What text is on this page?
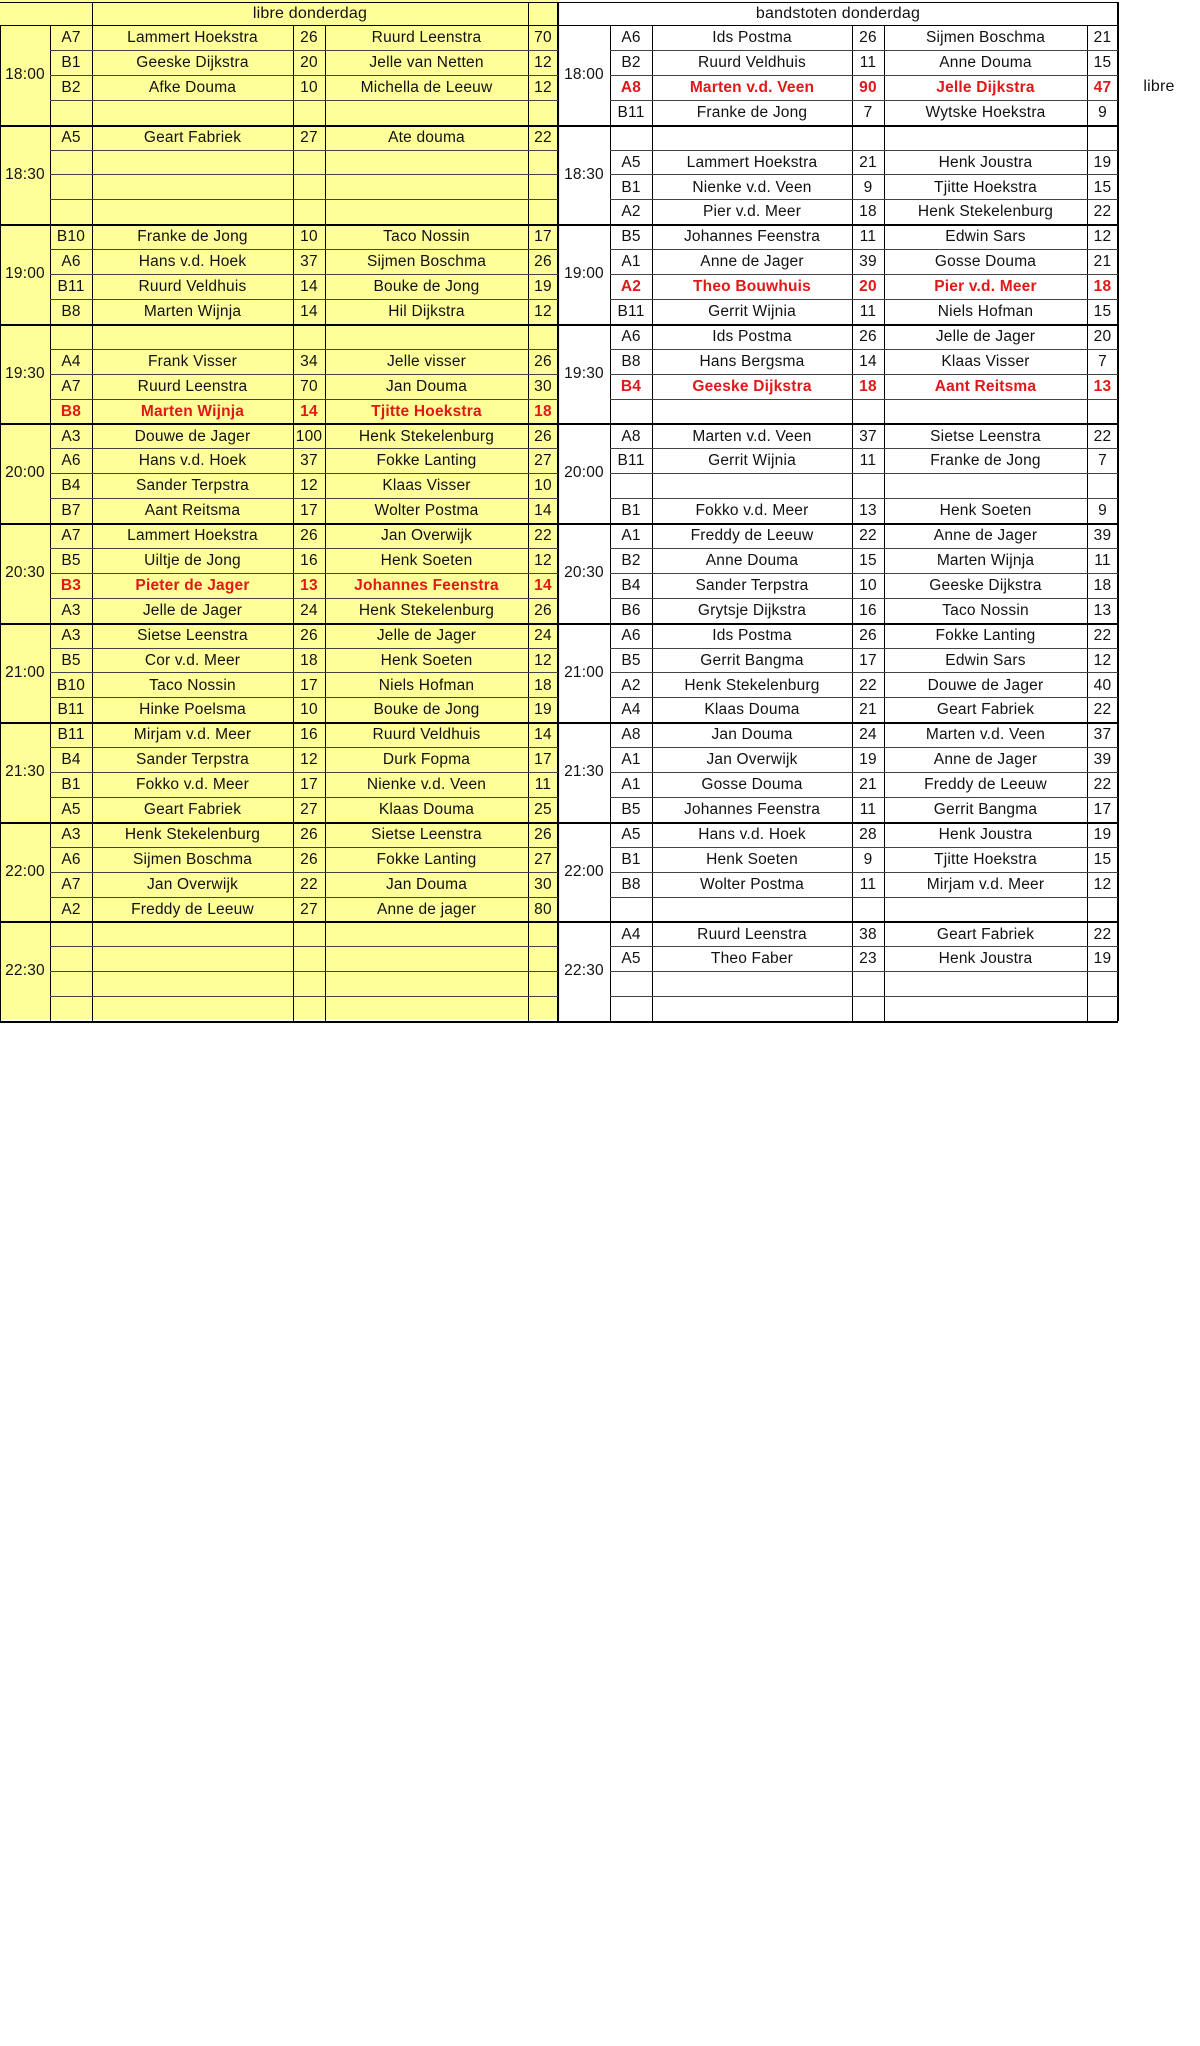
libre donderdag	bandstoten donderdag
libre
18:00
A7	Lammert Hoekstra	26	Ruurd Leenstra	70
B1	Geeske Dijkstra	20	Jelle van Netten	12
B2	Afke Douma	10	Michella de Leeuw	12
18:30
A5	Geart Fabriek	27	Ate douma	22
19:00
B10	Franke de Jong	10	Taco Nossin	17
A6	Hans v.d. Hoek	37	Sijmen Boschma	26
B11	Ruurd Veldhuis	14	Bouke de Jong	19
B8	Marten Wijnja	14	Hil Dijkstra	12
19:30
A4	Frank Visser	34	Jelle visser	26
A7	Ruurd Leenstra	70	Jan Douma	30
B8	Marten Wijnja	14	Tjitte Hoekstra	18
20:00
A3	Douwe de Jager	100	Henk Stekelenburg	26
A6	Hans v.d. Hoek	37	Fokke Lanting	27
B4	Sander Terpstra	12	Klaas Visser	10
B7	Aant Reitsma	17	Wolter Postma	14
20:30
A7	Lammert Hoekstra	26	Jan Overwijk	22
B5	Uiltje de Jong	16	Henk Soeten	12
B3	Pieter de Jager	13	Johannes Feenstra	14
A3	Jelle de Jager	24	Henk Stekelenburg	26
21:00
A3	Sietse Leenstra	26	Jelle de Jager	24
B5	Cor v.d. Meer	18	Henk Soeten	12
B10	Taco Nossin	17	Niels Hofman	18
B11	Hinke Poelsma	10	Bouke de Jong	19
21:30
B11	Mirjam v.d. Meer	16	Ruurd Veldhuis	14
B4	Sander Terpstra	12	Durk Fopma	17
B1	Fokko v.d. Meer	17	Nienke v.d. Veen	11
A5	Geart Fabriek	27	Klaas Douma	25
22:00
A3	Henk Stekelenburg	26	Sietse Leenstra	26
A6	Sijmen Boschma	26	Fokke Lanting	27
A7	Jan Overwijk	22	Jan Douma	30
A2	Freddy de Leeuw	27	Anne de jager	80
22:30
18:00
A6	Ids Postma	26	Sijmen Boschma	21
B2	Ruurd Veldhuis	11	Anne Douma	15
A8	Marten v.d. Veen	90	Jelle Dijkstra	47
B11	Franke de Jong	7	Wytske Hoekstra	9
18:30
A5	Lammert Hoekstra	21	Henk Joustra	19
B1	Nienke v.d. Veen	9	Tjitte Hoekstra	15
A2	Pier v.d. Meer	18	Henk Stekelenburg	22
19:00
B5	Johannes Feenstra	11	Edwin Sars	12
A1	Anne de Jager	39	Gosse Douma	21
A2	Theo Bouwhuis	20	Pier v.d. Meer	18
B11	Gerrit Wijnia	11	Niels Hofman	15
19:30
A6	Ids Postma	26	Jelle de Jager	20
B8	Hans Bergsma	14	Klaas Visser	7
B4	Geeske Dijkstra	18	Aant Reitsma	13
20:00
A8	Marten v.d. Veen	37	Sietse Leenstra	22
B11	Gerrit Wijnia	11	Franke de Jong	7
B1	Fokko v.d. Meer	13	Henk Soeten	9
20:30
A1	Freddy de Leeuw	22	Anne de Jager	39
B2	Anne Douma	15	Marten Wijnja	11
B4	Sander Terpstra	10	Geeske Dijkstra	18
B6	Grytsje Dijkstra	16	Taco Nossin	13
21:00
A6	Ids Postma	26	Fokke Lanting	22
B5	Gerrit Bangma	17	Edwin Sars	12
A2	Henk Stekelenburg	22	Douwe de Jager	40
A4	Klaas Douma	21	Geart Fabriek	22
21:30
A8	Jan Douma	24	Marten v.d. Veen	37
A1	Jan Overwijk	19	Anne de Jager	39
A1	Gosse Douma	21	Freddy de Leeuw	22
B5	Johannes Feenstra	11	Gerrit Bangma	17
22:00
A5	Hans v.d. Hoek	28	Henk Joustra	19
B1	Henk Soeten	9	Tjitte Hoekstra	15
B8	Wolter Postma	11	Mirjam v.d. Meer	12
22:30
A4	Ruurd Leenstra	38	Geart Fabriek	22
A5	Theo Faber	23	Henk Joustra	19
